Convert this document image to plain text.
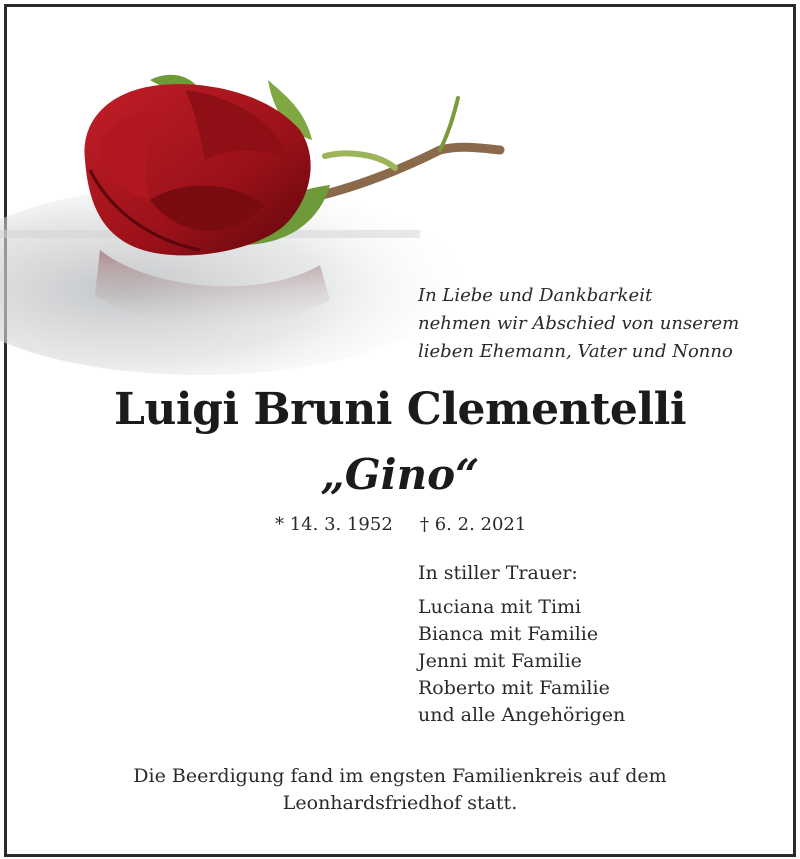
In Liebe und Dankbarkeit
nehmen wir Abschied von unserem
lieben Ehemann, Vater und Nonno
Luigi Bruni Clementelli
„Gino“
* 14. 3. 1952 † 6. 2. 2021
In stiller Trauer:
Luciana mit Timi
Bianca mit Familie
Jenni mit Familie
Roberto mit Familie
und alle Angehörigen
Die Beerdigung fand im engsten Familienkreis auf dem
Leonhardsfriedhof statt.
